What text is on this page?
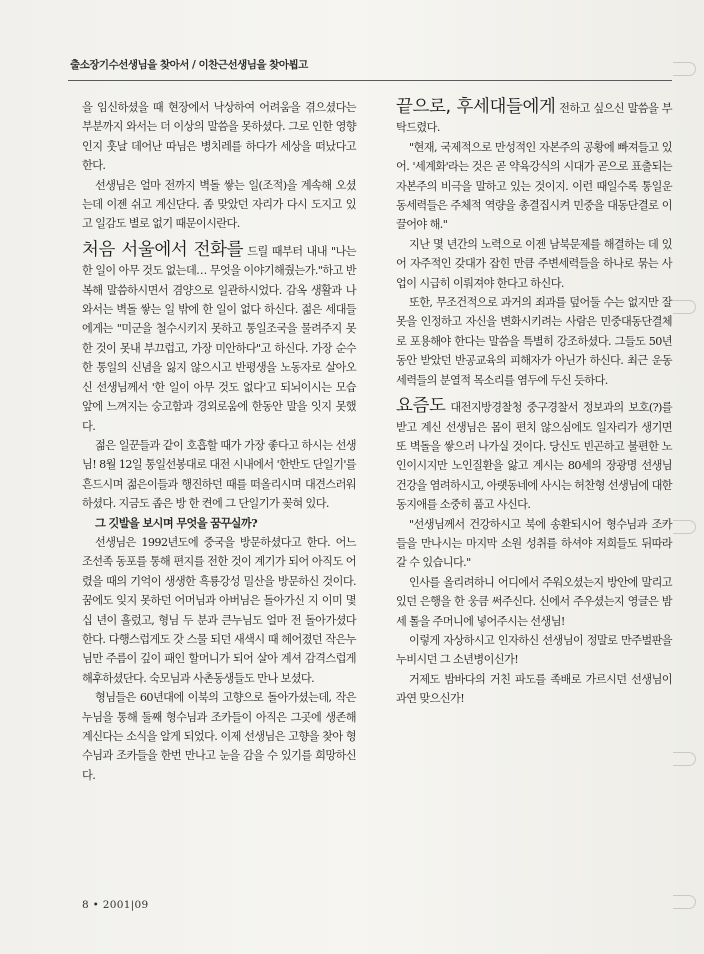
출소장기수선생님을 찾아서 / 이찬근선생님을 찾아뵙고

을 임신하셨을 때 현장에서 낙상하여 어려움을 겪으셨다는 부분까지 와서는 더 이상의 말씀을 못하셨다. 그로 인한 영향인지 훗날 데어난 따님은 병치레를 하다가 세상을 떠났다고 한다.

선생님은 얼마 전까지 벽돌 쌓는 일(조적)을 계속해 오셨는데 이젠 쉬고 계신단다. 좀 맞았던 자리가 다시 도지고 있고 일감도 별로 없기 때문이시란다.

처음 서울에서 전화를 드릴 때부터 내내 "나는 한 일이 아무 것도 없는데… 무엇을 이야기해줬는가."하고 반복해 말씀하시면서 겸양으로 일관하시었다. 감옥 생활과 나와서는 벽돌 쌓는 일 밖에 한 일이 없다 하신다. 젊은 세대들에게는 "미군을 철수시키지 못하고 통일조국을 물려주지 못한 것이 못내 부끄럽고, 가장 미안하다"고 하신다. 가장 순수한 통일의 신념을 잃지 않으시고 반평생을 노동자로 살아오신 선생님께서 '한 일이 아무 것도 없다'고 되뇌이시는 모습 앞에 느껴지는 숭고함과 경외로움에 한동안 말을 잇지 못했다.

젊은 일꾼들과 같이 호흡할 때가 가장 좋다고 하시는 선생님! 8월 12일 통일선봉대로 대전 시내에서 '한반도 단일기'를 흔드시며 젊은이들과 행진하던 때를 떠올리시며 대견스러워 하셨다. 지금도 좁은 방 한 켠에 그 단일기가 꽂혀 있다.

그 깃발을 보시며 무엇을 꿈꾸실까?

선생님은 1992년도에 중국을 방문하셨다고 한다. 어느 조선족 동포를 통해 편지를 전한 것이 계기가 되어 아직도 어렸을 때의 기억이 생생한 흑룡강성 밀산을 방문하신 것이다. 꿈에도 잊지 못하던 어머님과 아버님은 돌아가신 지 이미 몇십 년이 흘렀고, 형님 두 분과 큰누님도 얼마 전 돌아가셨다 한다. 다행스럽게도 갓 스물 되던 새색시 때 헤어졌던 작은누님만 주름이 깊이 패인 할머니가 되어 살아 계셔 감격스럽게 해후하셨단다. 숙모님과 사촌동생들도 만나 보셨다.

형님들은 60년대에 이북의 고향으로 돌아가셨는데, 작은 누님을 통해 둘째 형수님과 조카들이 아직은 그곳에 생존해 계신다는 소식을 알게 되었다. 이제 선생님은 고향을 찾아 형수님과 조카들을 한번 만나고 눈을 감을 수 있기를 희망하신다.

끝으로, 후세대들에게 전하고 싶으신 말씀을 부탁드렸다.

"현재, 국제적으로 만성적인 자본주의 공황에 빠져들고 있어. '세계화'라는 것은 곧 약육강식의 시대가 곧으로 표출되는 자본주의 비극을 말하고 있는 것이지. 이런 때일수록 통일운동세력들은 주체적 역량을 총결집시켜 민중을 대동단결로 이끌어야 해."

지난 몇 년간의 노력으로 이젠 남북문제를 해결하는 데 있어 자주적인 갖대가 잡힌 만큼 주변세력들을 하나로 묶는 사업이 시급히 이뤄져야 한다고 하신다.

또한, 무조건적으로 과거의 죄과를 덮어둘 수는 없지만 잘못을 인정하고 자신을 변화시키려는 사람은 민중대동단결체로 포용해야 한다는 말씀을 특별히 강조하셨다. 그들도 50년 동안 받았던 반공교육의 피해자가 아닌가 하신다. 최근 운동세력들의 분열적 목소리를 염두에 두신 듯하다.

요즘도 대전지방경찰청 중구경찰서 정보과의 보호(?)를 받고 계신 선생님은 몸이 편치 않으심에도 일자리가 생기면 또 벽돌을 쌓으러 나가실 것이다. 당신도 빈곤하고 불편한 노인이시지만 노인질환을 앓고 계시는 80세의 장광명 선생님 건강을 염려하시고, 아랫동네에 사시는 허찬형 선생님에 대한 동지애를 소중히 품고 사신다.

"선생님께서 건강하시고 북에 송환되시어 형수님과 조카들을 만나시는 마지막 소원 성취를 하셔야 저희들도 뒤따라 갈 수 있습니다."

인사를 올리려하니 어디에서 주워오셨는지 방안에 말리고 있던 은행을 한 웅큼 써주신다. 신에서 주우셨는지 영글은 밤 세 톨을 주머니에 넣어주시는 선생님!

이렇게 자상하시고 인자하신 선생님이 정말로 만주벌판을 누비시던 그 소년병이신가!

거제도 밤바다의 거친 파도를 족배로 가르시던 선생님이 과연 맞으신가!

8 • 2001|09
